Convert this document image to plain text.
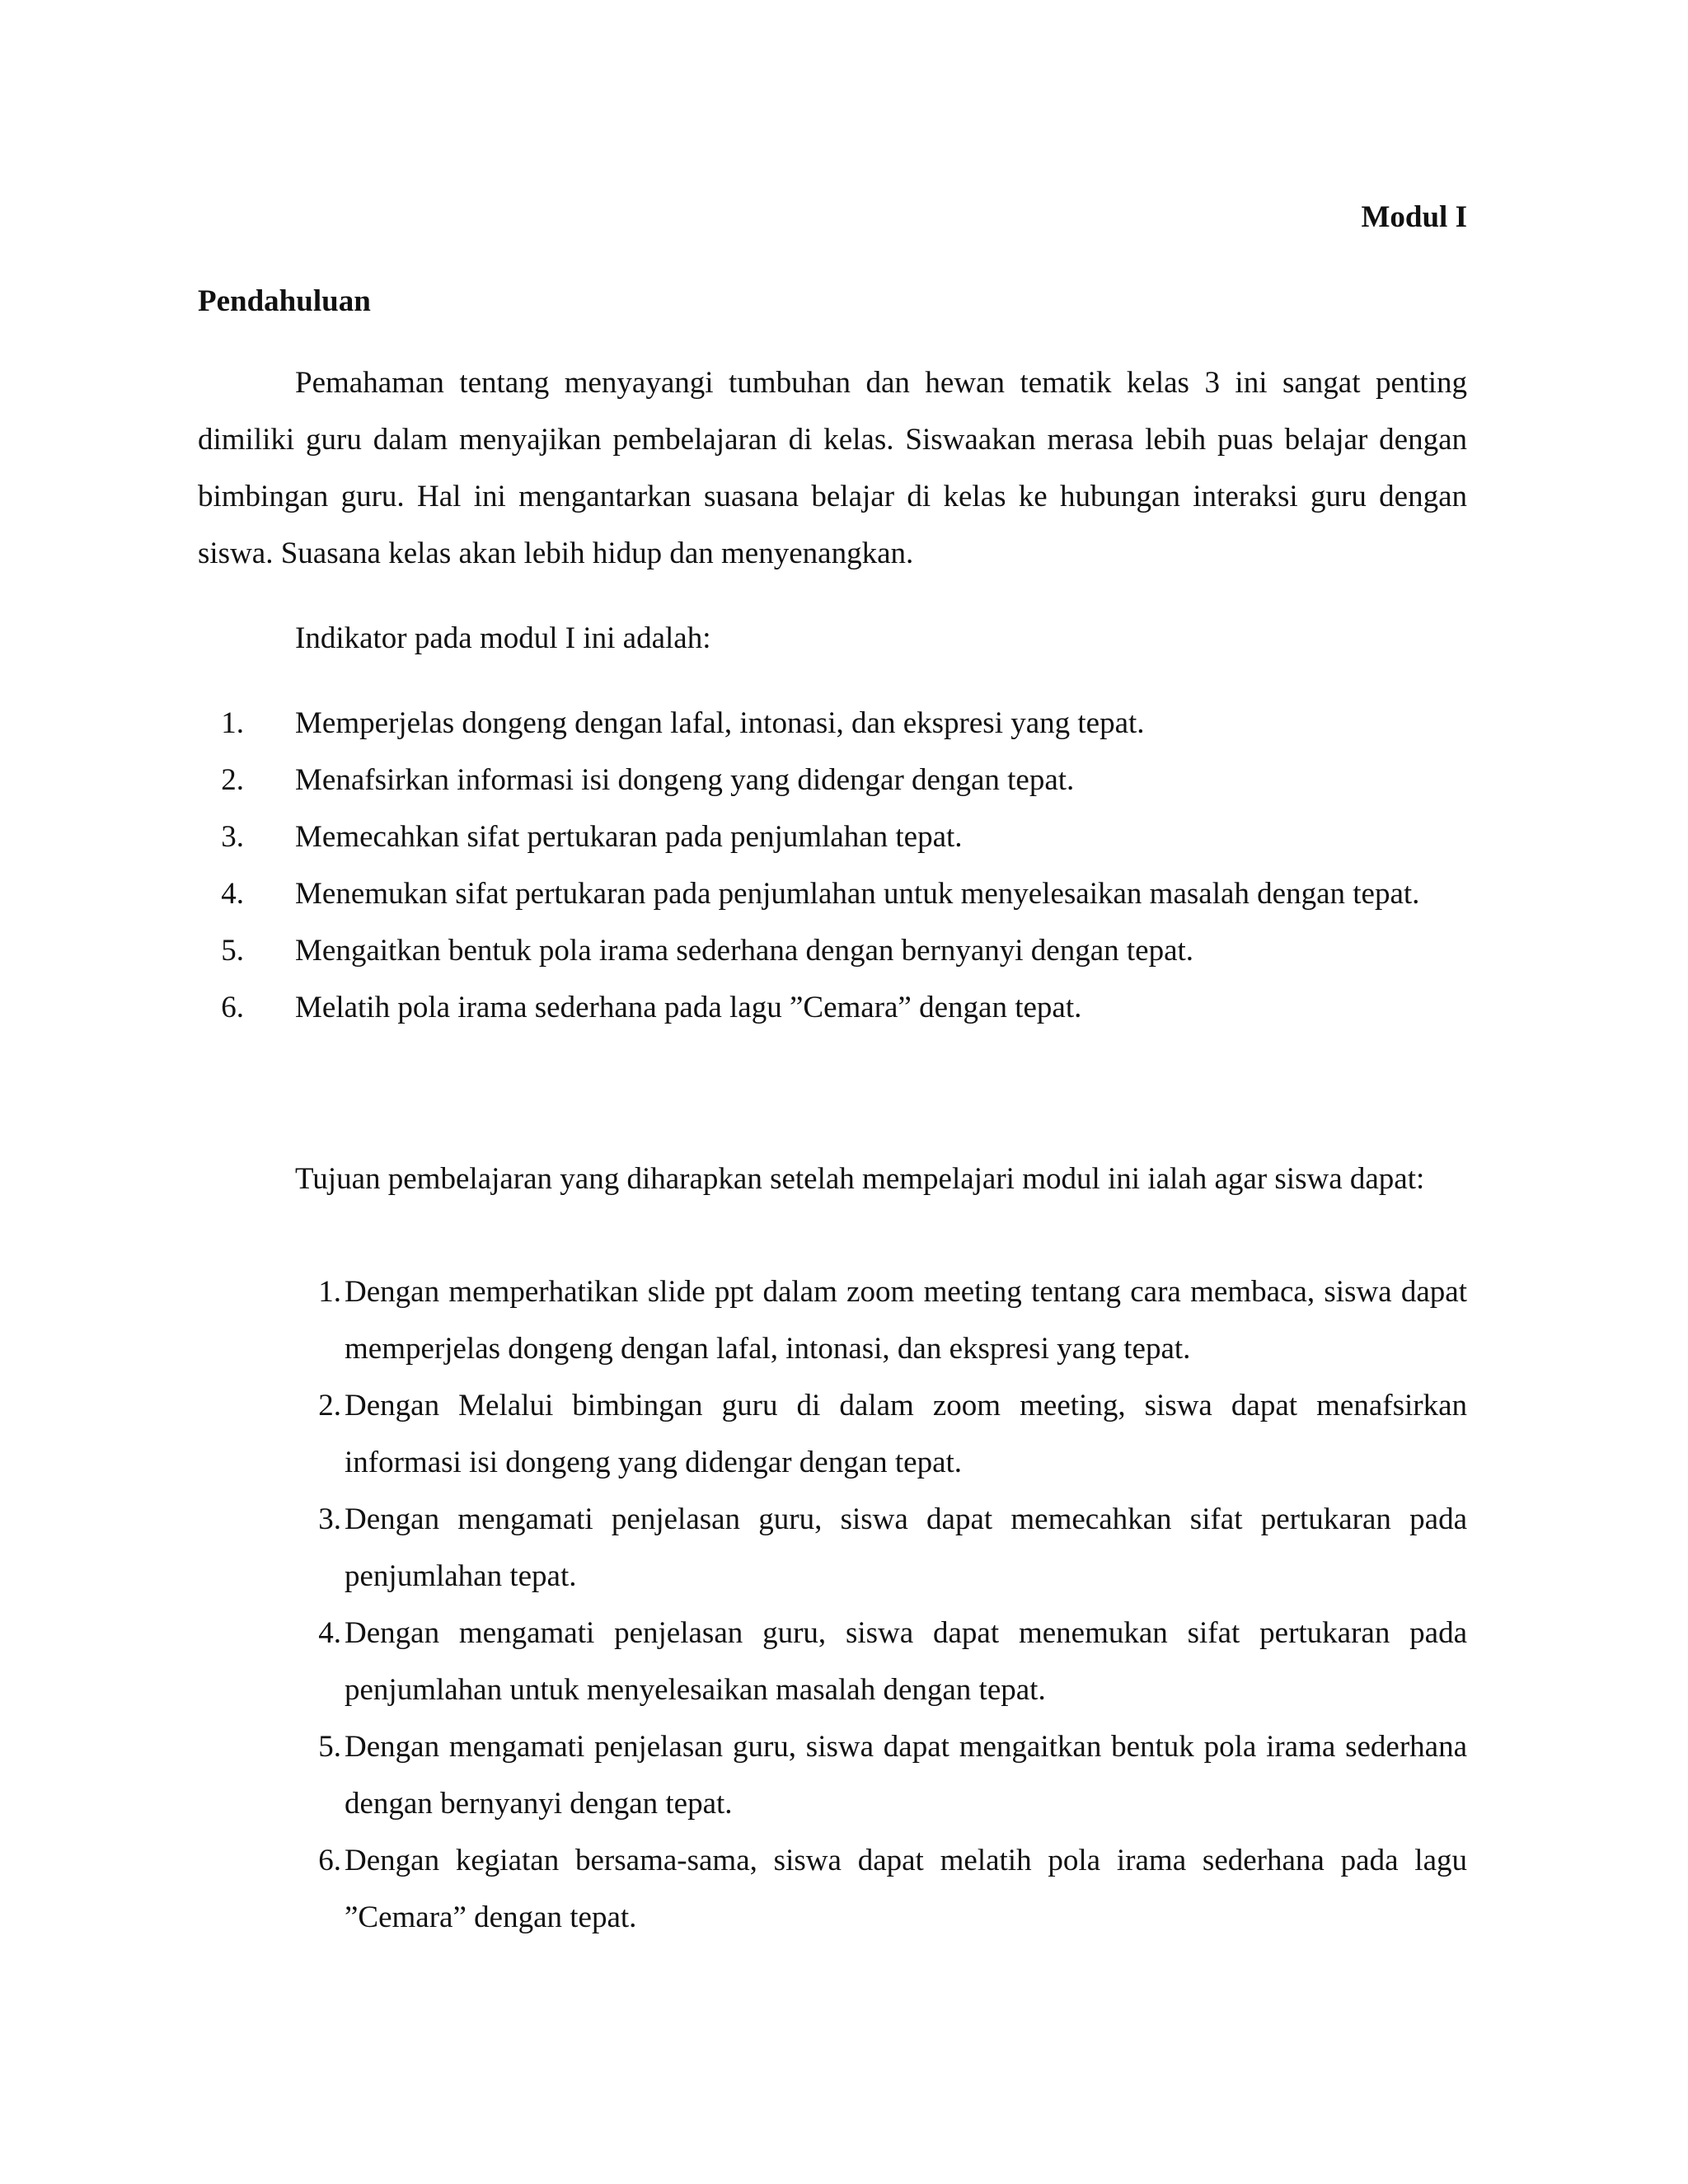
Modul I
Pendahuluan

Pemahaman tentang menyayangi tumbuhan dan hewan tematik kelas 3 ini sangat penting dimiliki guru dalam menyajikan pembelajaran di kelas. Siswaakan merasa lebih puas belajar dengan bimbingan guru. Hal ini mengantarkan suasana belajar di kelas ke hubungan interaksi guru dengan siswa. Suasana kelas akan lebih hidup dan menyenangkan.

Indikator pada modul I ini adalah:

1. Memperjelas dongeng dengan lafal, intonasi, dan ekspresi yang tepat.
2. Menafsirkan informasi isi dongeng yang didengar dengan tepat.
3. Memecahkan sifat pertukaran pada penjumlahan tepat.
4. Menemukan sifat pertukaran pada penjumlahan untuk menyelesaikan masalah dengan tepat.
5. Mengaitkan bentuk pola irama sederhana dengan bernyanyi dengan tepat.
6. Melatih pola irama sederhana pada lagu ”Cemara” dengan tepat.

Tujuan pembelajaran yang diharapkan setelah mempelajari modul ini ialah agar siswa dapat:

1. Dengan memperhatikan slide ppt dalam zoom meeting tentang cara membaca, siswa dapat memperjelas dongeng dengan lafal, intonasi, dan ekspresi yang tepat.
2. Dengan Melalui bimbingan guru di dalam zoom meeting, siswa dapat menafsirkan informasi isi dongeng yang didengar dengan tepat.
3. Dengan mengamati penjelasan guru, siswa dapat memecahkan sifat pertukaran pada penjumlahan tepat.
4. Dengan mengamati penjelasan guru, siswa dapat menemukan sifat pertukaran pada penjumlahan untuk menyelesaikan masalah dengan tepat.
5. Dengan mengamati penjelasan guru, siswa dapat mengaitkan bentuk pola irama sederhana dengan bernyanyi dengan tepat.
6. Dengan kegiatan bersama-sama, siswa dapat melatih pola irama sederhana pada lagu ”Cemara” dengan tepat.
